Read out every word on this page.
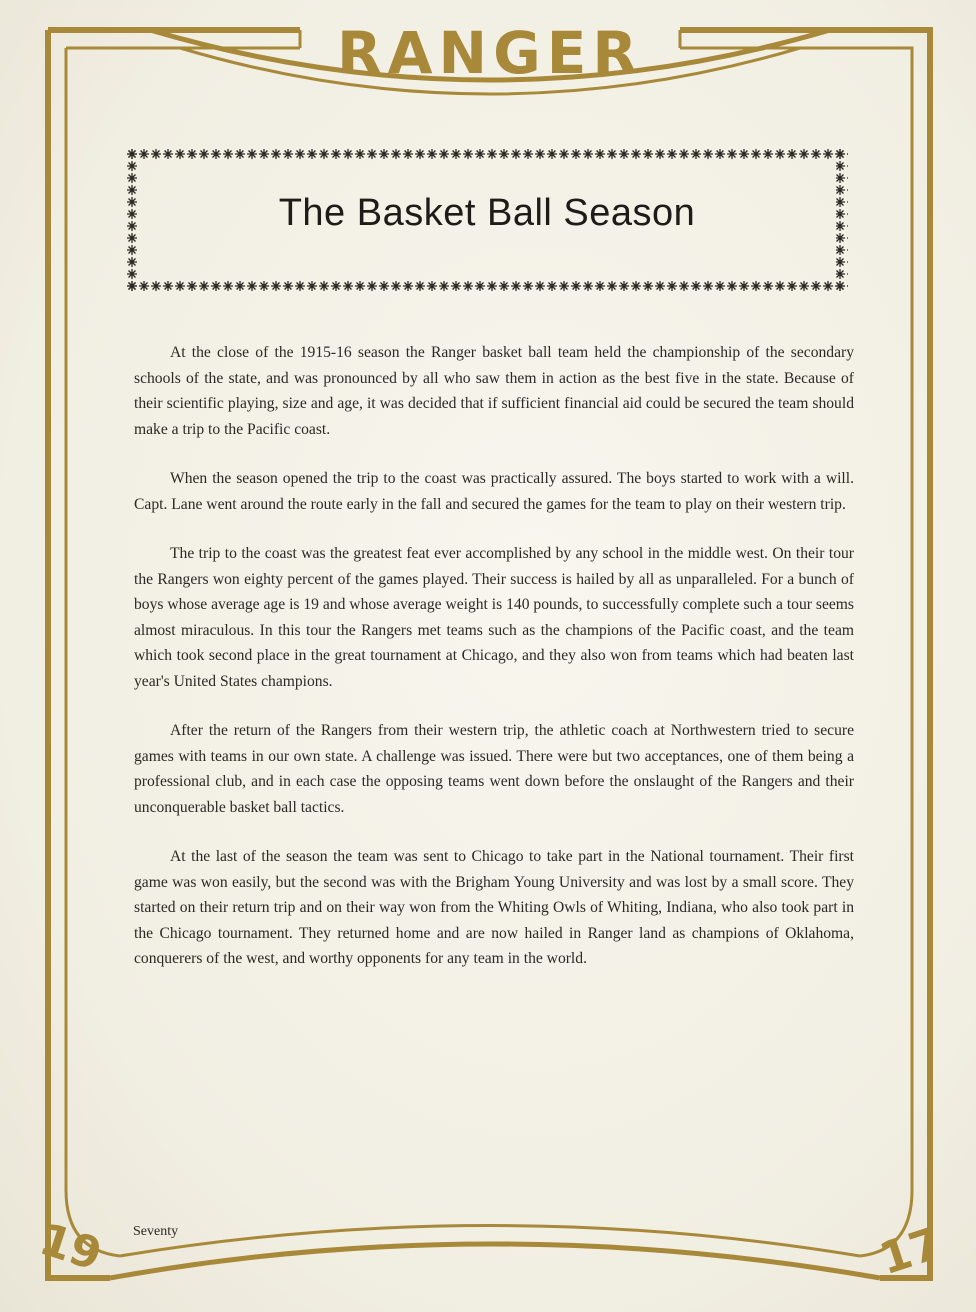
RANGER
The Basket Ball Season

At the close of the 1915-16 season the Ranger basket ball team held the championship of the secondary schools of the state, and was pronounced by all who saw them in action as the best five in the state. Because of their scientific playing, size and age, it was decided that if sufficient financial aid could be secured the team should make a trip to the Pacific coast.

When the season opened the trip to the coast was practically assured. The boys started to work with a will. Capt. Lane went around the route early in the fall and secured the games for the team to play on their western trip.

The trip to the coast was the greatest feat ever accomplished by any school in the middle west. On their tour the Rangers won eighty percent of the games played. Their success is hailed by all as unparalleled. For a bunch of boys whose average age is 19 and whose average weight is 140 pounds, to successfully complete such a tour seems almost miraculous. In this tour the Rangers met teams such as the champions of the Pacific coast, and the team which took second place in the great tournament at Chicago, and they also won from teams which had beaten last year's United States champions.

After the return of the Rangers from their western trip, the athletic coach at Northwestern tried to secure games with teams in our own state. A challenge was issued. There were but two acceptances, one of them being a professional club, and in each case the opposing teams went down before the onslaught of the Rangers and their unconquerable basket ball tactics.

At the last of the season the team was sent to Chicago to take part in the National tournament. Their first game was won easily, but the second was with the Brigham Young University and was lost by a small score. They started on their return trip and on their way won from the Whiting Owls of Whiting, Indiana, who also took part in the Chicago tournament. They returned home and are now hailed in Ranger land as champions of Oklahoma, conquerers of the west, and worthy opponents for any team in the world.

Seventy
19	17
